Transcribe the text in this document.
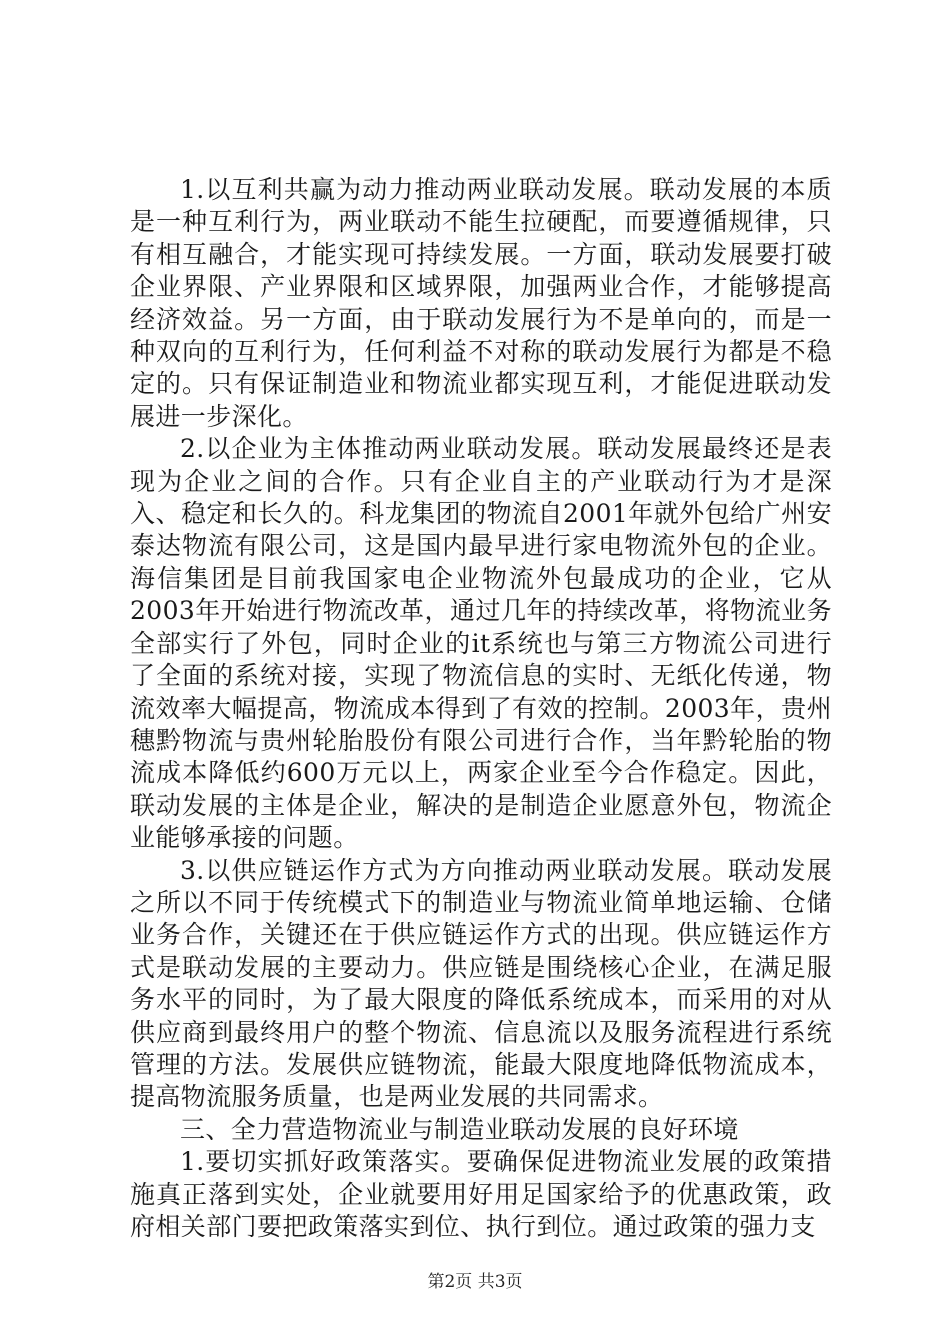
1.以互利共赢为动力推动两业联动发展。联动发展的本质是一种互利行为，两业联动不能生拉硬配，而要遵循规律，只有相互融合，才能实现可持续发展。一方面，联动发展要打破企业界限、产业界限和区域界限，加强两业合作，才能够提高经济效益。另一方面，由于联动发展行为不是单向的，而是一种双向的互利行为，任何利益不对称的联动发展行为都是不稳定的。只有保证制造业和物流业都实现互利，才能促进联动发展进一步深化。

2.以企业为主体推动两业联动发展。联动发展最终还是表现为企业之间的合作。只有企业自主的产业联动行为才是深入、稳定和长久的。科龙集团的物流自2001年就外包给广州安泰达物流有限公司，这是国内最早进行家电物流外包的企业。海信集团是目前我国家电企业物流外包最成功的企业，它从2003年开始进行物流改革，通过几年的持续改革，将物流业务全部实行了外包，同时企业的it系统也与第三方物流公司进行了全面的系统对接，实现了物流信息的实时、无纸化传递，物流效率大幅提高，物流成本得到了有效的控制。2003年，贵州穗黔物流与贵州轮胎股份有限公司进行合作，当年黔轮胎的物流成本降低约600万元以上，两家企业至今合作稳定。因此，联动发展的主体是企业，解决的是制造企业愿意外包，物流企业能够承接的问题。

3.以供应链运作方式为方向推动两业联动发展。联动发展之所以不同于传统模式下的制造业与物流业简单地运输、仓储业务合作，关键还在于供应链运作方式的出现。供应链运作方式是联动发展的主要动力。供应链是围绕核心企业，在满足服务水平的同时，为了最大限度的降低系统成本，而采用的对从供应商到最终用户的整个物流、信息流以及服务流程进行系统管理的方法。发展供应链物流，能最大限度地降低物流成本，提高物流服务质量，也是两业发展的共同需求。

三、全力营造物流业与制造业联动发展的良好环境

1.要切实抓好政策落实。要确保促进物流业发展的政策措施真正落到实处，企业就要用好用足国家给予的优惠政策，政府相关部门要把政策落实到位、执行到位。通过政策的强力支

第2页 共3页
